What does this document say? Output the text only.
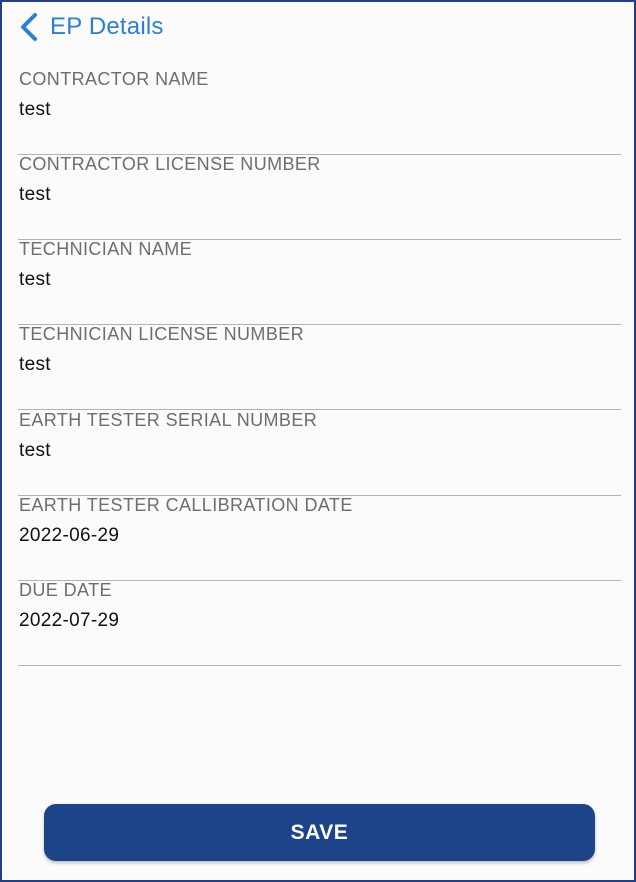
EP Details
CONTRACTOR NAME
test
CONTRACTOR LICENSE NUMBER
test
TECHNICIAN NAME
test
TECHNICIAN LICENSE NUMBER
test
EARTH TESTER SERIAL NUMBER
test
EARTH TESTER CALLIBRATION DATE
2022-06-29
DUE DATE
2022-07-29
SAVE
